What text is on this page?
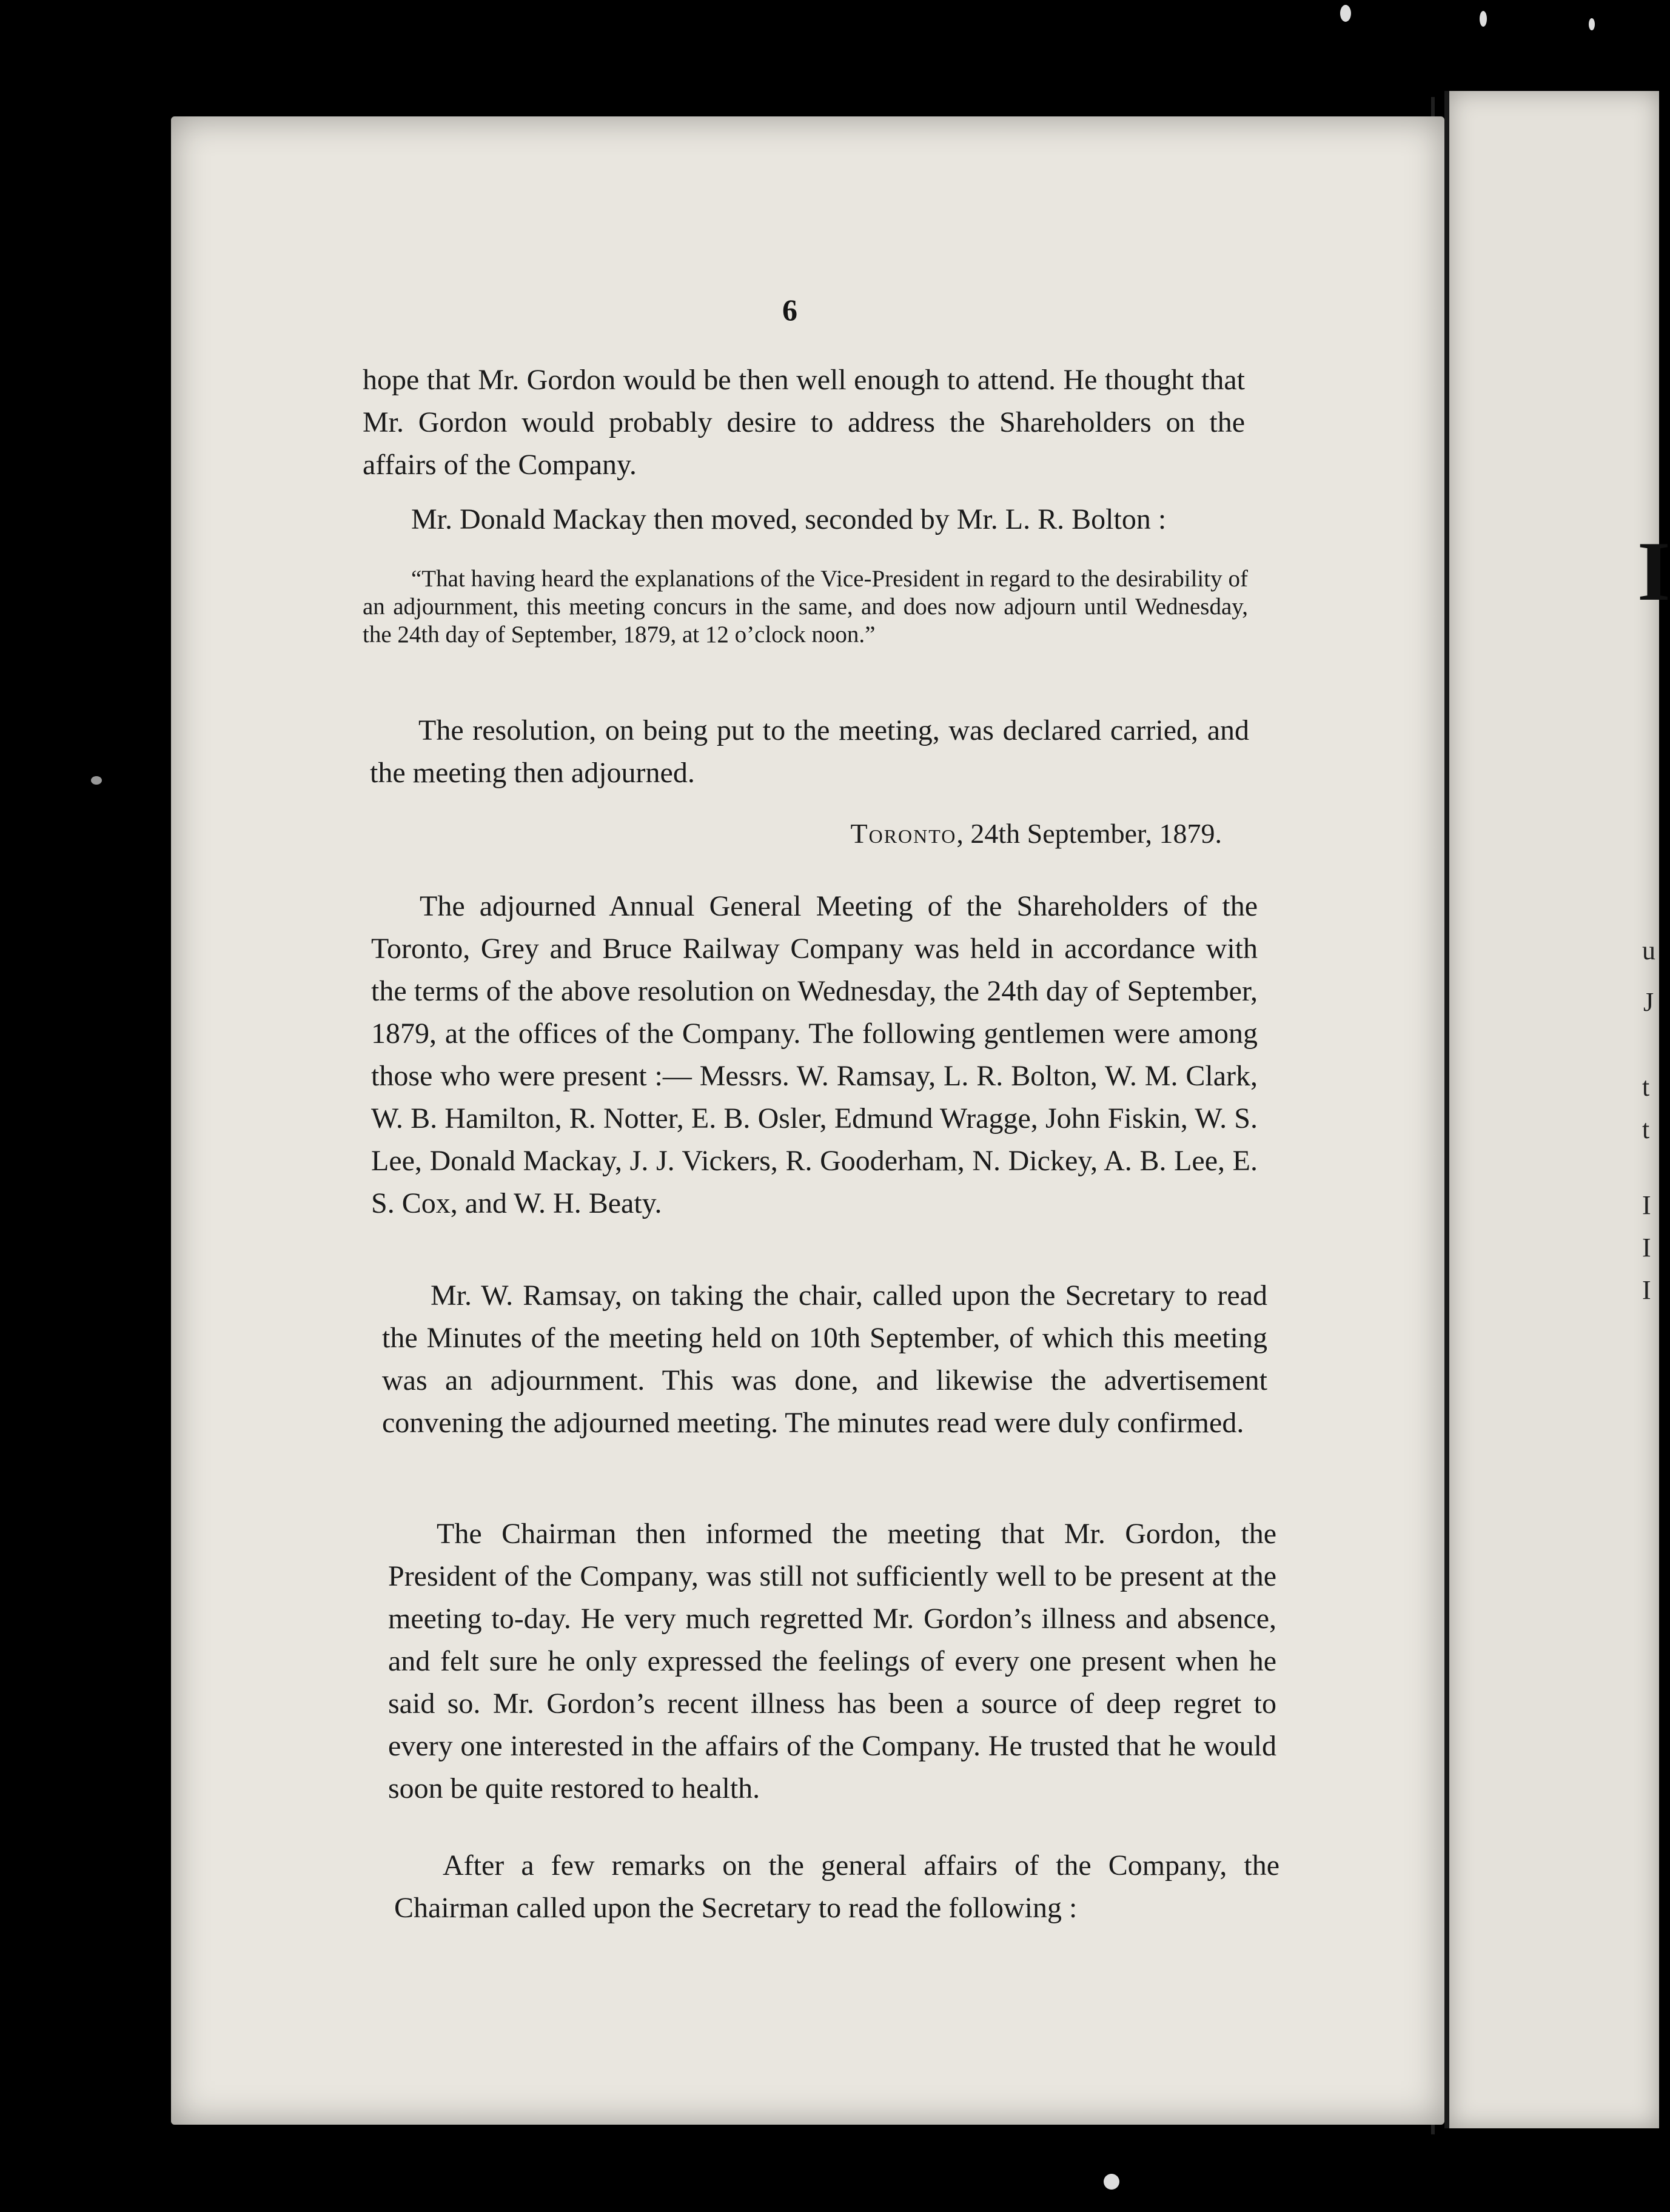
I
u
J
t
t
I
I
I
6

hope that Mr. Gordon would be then well enough to attend. He thought that Mr. Gordon would probably desire to address the Shareholders on the affairs of the Company.

Mr. Donald Mackay then moved, seconded by Mr. L. R. Bolton :

“That having heard the explanations of the Vice-President in regard to the desirability of an adjournment, this meeting concurs in the same, and does now adjourn until Wednesday, the 24th day of September, 1879, at 12 o’clock noon.”

The resolution, on being put to the meeting, was declared carried, and the meeting then adjourned.

Toronto, 24th September, 1879.

The adjourned Annual General Meeting of the Shareholders of the Toronto, Grey and Bruce Railway Company was held in accordance with the terms of the above resolution on Wednesday, the 24th day of September, 1879, at the offices of the Company. The following gentlemen were among those who were present :— Messrs. W. Ramsay, L. R. Bolton, W. M. Clark, W. B. Hamilton, R. Notter, E. B. Osler, Edmund Wragge, John Fiskin, W. S. Lee, Donald Mackay, J. J. Vickers, R. Gooderham, N. Dickey, A. B. Lee, E. S. Cox, and W. H. Beaty.

Mr. W. Ramsay, on taking the chair, called upon the Secretary to read the Minutes of the meeting held on 10th September, of which this meeting was an adjournment. This was done, and likewise the advertisement convening the adjourned meeting. The minutes read were duly confirmed.

The Chairman then informed the meeting that Mr. Gordon, the President of the Company, was still not sufficiently well to be present at the meeting to-day. He very much regretted Mr. Gordon’s illness and absence, and felt sure he only expressed the feelings of every one present when he said so. Mr. Gordon’s recent illness has been a source of deep regret to every one interested in the affairs of the Company. He trusted that he would soon be quite restored to health.

After a few remarks on the general affairs of the Company, the Chairman called upon the Secretary to read the following :
